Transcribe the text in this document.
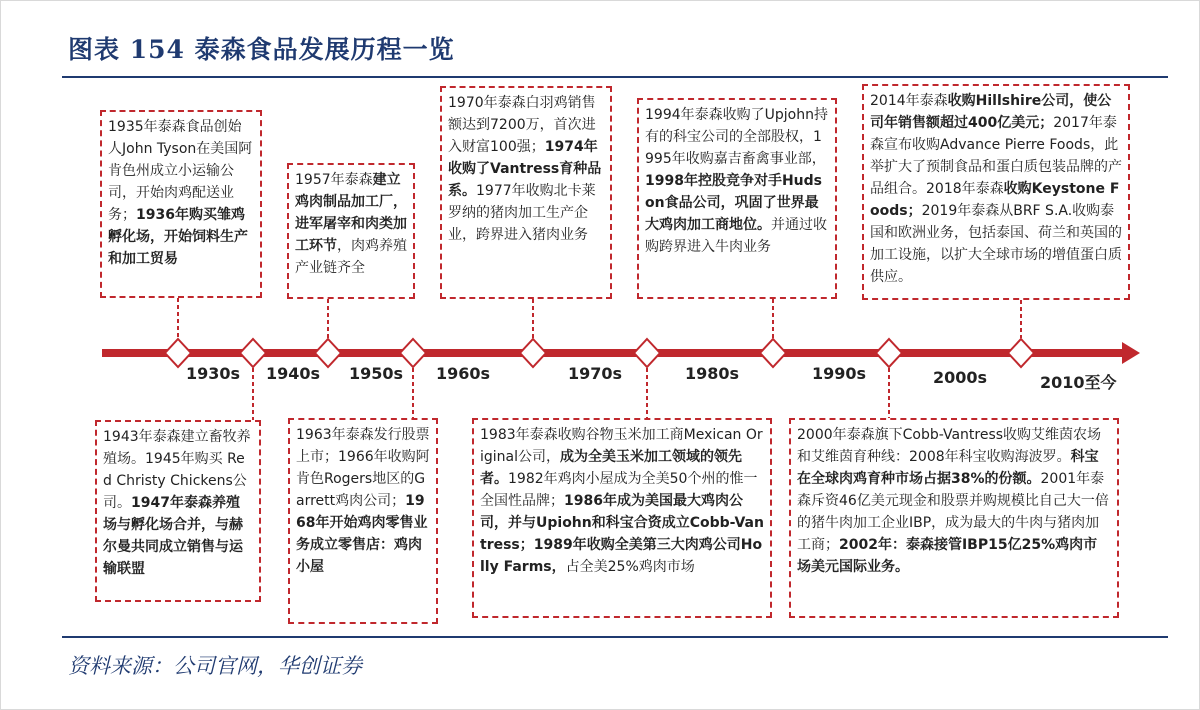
图表 154 泰森食品发展历程一览
1930s 1940s 1950s 1960s	1970s	1980s	1990s	2000s	2010至今
1935年泰森食品创始人John Tyson在美国阿肯色州成立小运输公司，开始肉鸡配送业务；1936年购买雏鸡孵化场，开始饲料生产和加工贸易
1957年泰森建立鸡肉制品加工厂，进军屠宰和肉类加工环节，肉鸡养殖产业链齐全
1970年泰森白羽鸡销售额达到7200万，首次进入财富100强；1974年收购了Vantress育种品系。1977年收购北卡莱罗纳的猪肉加工生产企业，跨界进入猪肉业务
1994年泰森收购了Upjohn持有的科宝公司的全部股权，1995年收购嘉吉畜禽事业部，1998年控股竞争对手Hudson食品公司，巩固了世界最大鸡肉加工商地位。并通过收购跨界进入牛肉业务
2014年泰森收购Hillshire公司，使公司年销售额超过400亿美元；2017年泰森宣布收购Advance Pierre Foods，此举扩大了预制食品和蛋白质包装品牌的产品组合。2018年泰森收购Keystone Foods；2019年泰森从BRF S.A.收购泰国和欧洲业务，包括泰国、荷兰和英国的加工设施，以扩大全球市场的增值蛋白质供应。
1943年泰森建立畜牧养殖场。1945年购买 Red Christy Chickens公司。1947年泰森养殖场与孵化场合并，与赫尔曼共同成立销售与运输联盟
1963年泰森发行股票上市；1966年收购阿肯色Rogers地区的Garrett鸡肉公司；1968年开始鸡肉零售业务成立零售店：鸡肉小屋
1983年泰森收购谷物玉米加工商Mexican Original公司，成为全美玉米加工领域的领先者。1982年鸡肉小屋成为全美50个州的惟一全国性品牌；1986年成为美国最大鸡肉公司，并与Upiohn和科宝合资成立Cobb-Vantress；1989年收购全美第三大肉鸡公司Holly Farms，占全美25%鸡肉市场
2000年泰森旗下Cobb-Vantress收购艾维茵农场和艾维茵育种线：2008年科宝收购海波罗。科宝在全球肉鸡育种市场占据38%的份额。2001年泰森斥资46亿美元现金和股票并购规模比自己大一倍的猪牛肉加工企业IBP，成为最大的牛肉与猪肉加工商；2002年：泰森接管IBP15亿25%鸡肉市场美元国际业务。
资料来源：公司官网，华创证券
